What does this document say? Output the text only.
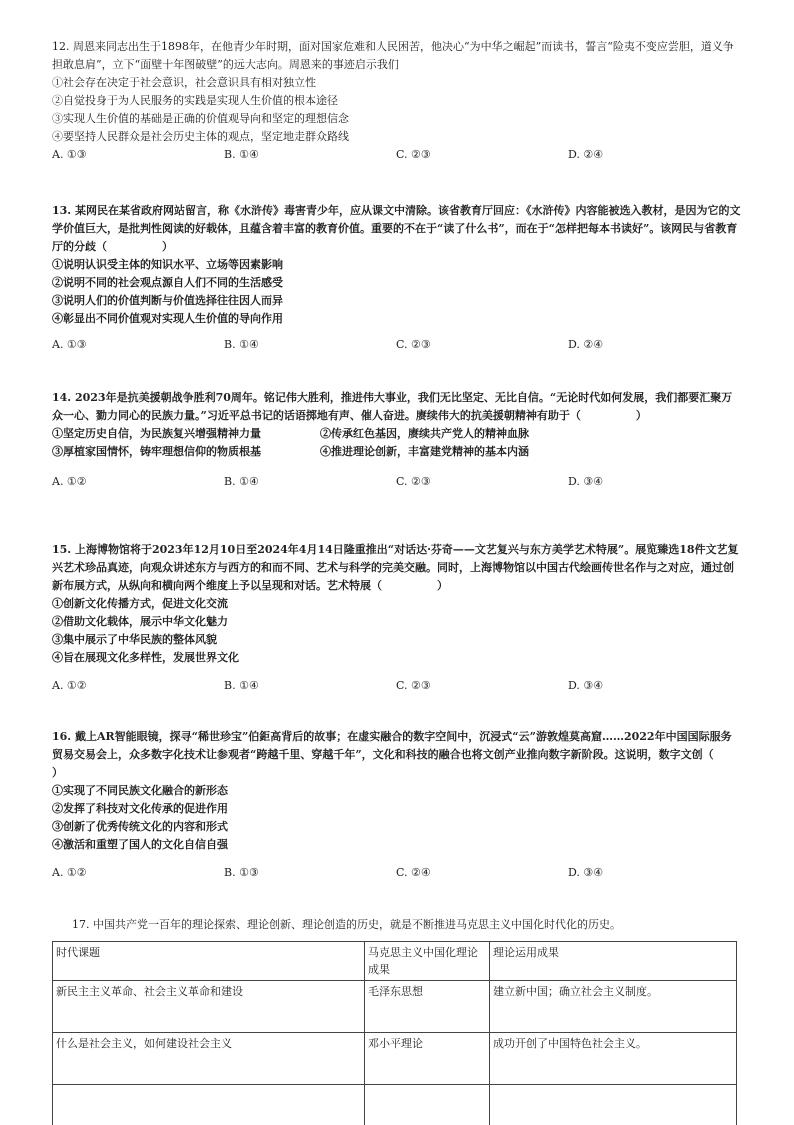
12. 周恩来同志出生于1898年，在他青少年时期，面对国家危难和人民困苦，他决心“为中华之崛起”而读书，誓言“险夷不变应尝胆，道义争担敢息肩”，立下“面壁十年图破壁”的远大志向。周恩来的事迹启示我们
①社会存在决定于社会意识，社会意识具有相对独立性
②自觉投身于为人民服务的实践是实现人生价值的根本途径
③实现人生价值的基础是正确的价值观导向和坚定的理想信念
④要坚持人民群众是社会历史主体的观点，坚定地走群众路线
A. ①③	B. ①④	C. ②③	D. ②④
13. 某网民在某省政府网站留言，称《水浒传》毒害青少年，应从课文中清除。该省教育厅回应：《水浒传》内容能被选入教材，是因为它的文学价值巨大，是批判性阅读的好载体，且蕴含着丰富的教育价值。重要的不在于“读了什么书”，而在于“怎样把每本书读好”。该网民与省教育厅的分歧（　　　　　）
①说明认识受主体的知识水平、立场等因素影响
②说明不同的社会观点源自人们不同的生活感受
③说明人们的价值判断与价值选择往往因人而异
④彰显出不同价值观对实现人生价值的导向作用
A. ①③	B. ①④	C. ②③	D. ②④
14. 2023年是抗美援朝战争胜利70周年。铭记伟大胜利，推进伟大事业，我们无比坚定、无比自信。“无论时代如何发展，我们都要汇聚万众一心、勠力同心的民族力量。”习近平总书记的话语掷地有声、催人奋进。赓续伟大的抗美援朝精神有助于（　　　　　）
①坚定历史自信，为民族复兴增强精神力量	②传承红色基因，赓续共产党人的精神血脉
③厚植家国情怀，铸牢理想信仰的物质根基	④推进理论创新，丰富建党精神的基本内涵
A. ①②	B. ①④	C. ②③	D. ③④
15. 上海博物馆将于2023年12月10日至2024年4月14日隆重推出“对话达·芬奇——文艺复兴与东方美学艺术特展”。展览臻选18件文艺复兴艺术珍品真迹，向观众讲述东方与西方的和而不同、艺术与科学的完美交融。同时，上海博物馆以中国古代绘画传世名作与之对应，通过创新布展方式，从纵向和横向两个维度上予以呈现和对话。艺术特展（　　　　　）
①创新文化传播方式，促进文化交流
②借助文化载体，展示中华文化魅力
③集中展示了中华民族的整体风貌
④旨在展现文化多样性，发展世界文化
A. ①②	B. ①④	C. ②③	D. ③④
16. 戴上AR智能眼镜，探寻“稀世珍宝”伯鉅高背后的故事；在虚实融合的数字空间中，沉浸式“云”游敦煌莫高窟……2022年中国国际服务贸易交易会上，众多数字化技术让参观者“跨越千里、穿越千年”，文化和科技的融合也将文创产业推向数字新阶段。这说明，数字文创（　　　　　）
①实现了不同民族文化融合的新形态
②发挥了科技对文化传承的促进作用
③创新了优秀传统文化的内容和形式
④激活和重塑了国人的文化自信自强
A. ①②	B. ①③	C. ②④	D. ③④
17. 中国共产党一百年的理论探索、理论创新、理论创造的历史，就是不断推进马克思主义中国化时代化的历史。
时代课题	马克思主义中国化理论成果	理论运用成果
新民主主义革命、社会主义革命和建设	毛泽东思想	建立新中国；确立社会主义制度。
什么是社会主义，如何建设社会主义	邓小平理论	成功开创了中国特色社会主义。
